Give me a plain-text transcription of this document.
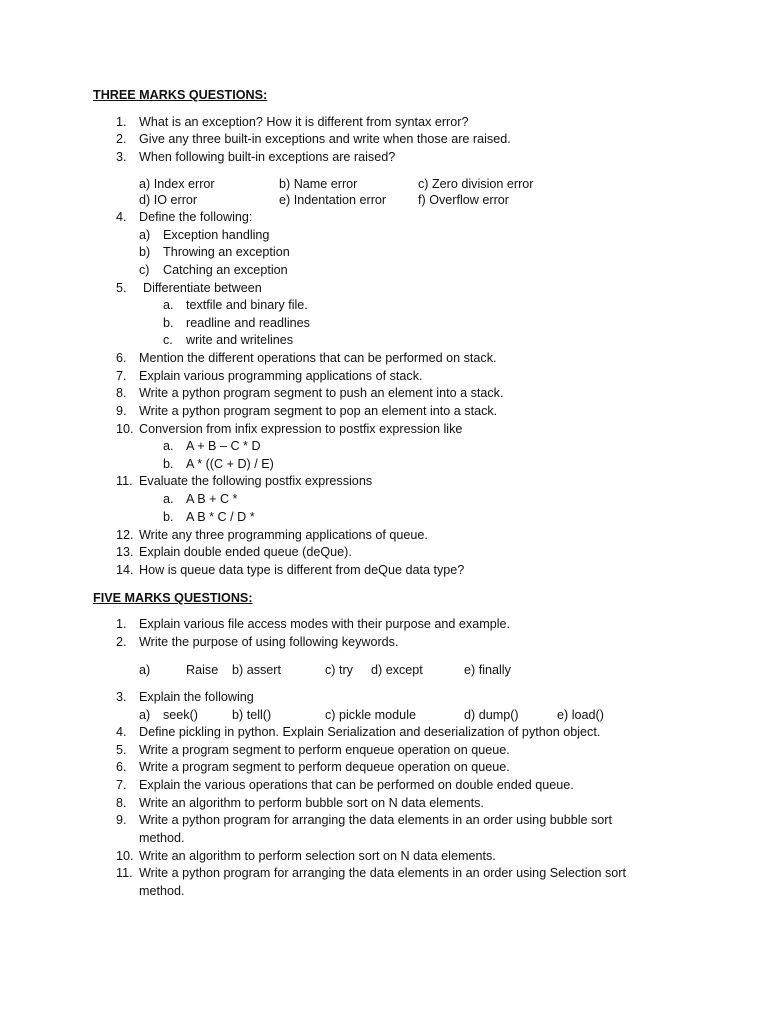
THREE MARKS QUESTIONS:
1. What is an exception? How it is different from syntax error?
2. Give any three built-in exceptions and write when those are raised.
3. When following built-in exceptions are raised?
a) Index error	b) Name error	c) Zero division error
d) IO error	e) Indentation error	f) Overflow error
4. Define the following:
a) Exception handling
b) Throwing an exception
c) Catching an exception
5. Differentiate between
a. textfile and binary file.
b. readline and readlines
c. write and writelines
6. Mention the different operations that can be performed on stack.
7. Explain various programming applications of stack.
8. Write a python program segment to push an element into a stack.
9. Write a python program segment to pop an element into a stack.
10. Conversion from infix expression to postfix expression like
a. A + B – C * D
b. A * ((C + D) / E)
11. Evaluate the following postfix expressions
a. A B + C *
b. A B * C / D *
12. Write any three programming applications of queue.
13. Explain double ended queue (deQue).
14. How is queue data type is different from deQue data type?
FIVE MARKS QUESTIONS:
1. Explain various file access modes with their purpose and example.
2. Write the purpose of using following keywords.
a)	Raise b) assert	c) try d) except	e) finally
3. Explain the following
a) seek()	b) tell()	c) pickle module	d) dump()	e) load()
4. Define pickling in python. Explain Serialization and deserialization of python object.
5. Write a program segment to perform enqueue operation on queue.
6. Write a program segment to perform dequeue operation on queue.
7. Explain the various operations that can be performed on double ended queue.
8. Write an algorithm to perform bubble sort on N data elements.
9. Write a python program for arranging the data elements in an order using bubble sort
method.
10. Write an algorithm to perform selection sort on N data elements.
11. Write a python program for arranging the data elements in an order using Selection sort
method.
